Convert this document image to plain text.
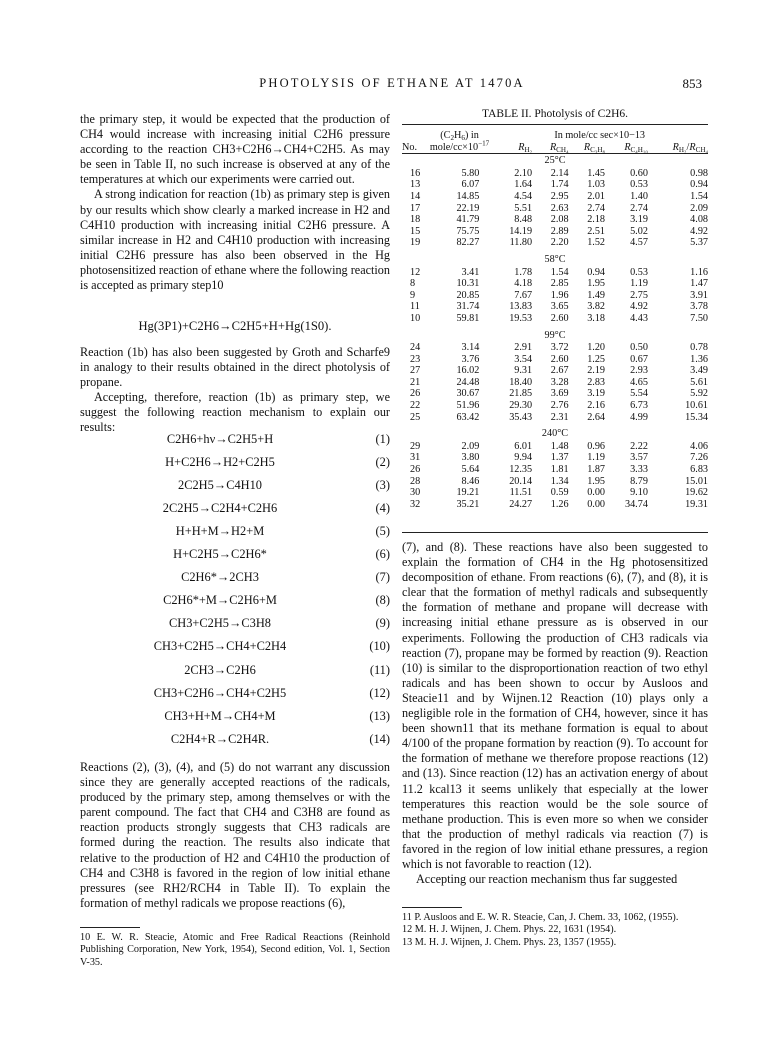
PHOTOLYSIS OF ETHANE AT 1470A	853

the primary step, it would be expected that the production of CH4 would increase with increasing initial C2H6 pressure according to the reaction CH3+C2H6→CH4+C2H5. As may be seen in Table II, no such increase is observed at any of the temperatures at which our experiments were carried out.

A strong indication for reaction (1b) as primary step is given by our results which show clearly a marked increase in H2 and C4H10 production with increasing initial C2H6 pressure. A similar increase in H2 and C4H10 production with increasing initial C2H6 pressure has also been observed in the Hg photosensitized reaction of ethane where the following reaction is accepted as primary step10

Hg(3P1)+C2H6→C2H5+H+Hg(1S0).

Reaction (1b) has also been suggested by Groth and Scharfe9 in analogy to their results obtained in the direct photolysis of propane.

Accepting, therefore, reaction (1b) as primary step, we suggest the following reaction mechanism to explain our results:

C2H6+hν→C2H5+H	(1)
H+C2H6→H2+C2H5	(2)
2C2H5→C4H10	(3)
2C2H5→C2H4+C2H6	(4)
H+H+M→H2+M	(5)
H+C2H5→C2H6*	(6)
C2H6*→2CH3	(7)
C2H6*+M→C2H6+M	(8)
CH3+C2H5→C3H8	(9)
CH3+C2H5→CH4+C2H4	(10)
2CH3→C2H6	(11)
CH3+C2H6→CH4+C2H5	(12)
CH3+H+M→CH4+M	(13)
C2H4+R→C2H4R.	(14)

Reactions (2), (3), (4), and (5) do not warrant any discussion since they are generally accepted reactions of the radicals, produced by the primary step, among themselves or with the parent compound. The fact that CH4 and C3H8 are found as reaction products strongly suggests that CH3 radicals are formed during the reaction. The results also indicate that relative to the production of H2 and C4H10 the production of CH4 and C3H8 is favored in the region of low initial ethane pressures (see RH2/RCH4 in Table II). To explain the formation of methyl radicals we propose reactions (6),

10 E. W. R. Steacie, Atomic and Free Radical Reactions (Reinhold Publishing Corporation, New York, 1954), Second edition, Vol. 1, Section V-35.
TABLE II. Photolysis of C2H6.
	$(C_2H_6)$ in	In mole/cc sec×10−13				
No.	mole/$cc\times 10^{-17}$	$R_{H_2}$	$R_{CH_4}$	$R_{C_3H_8}$	$R_{C_4H_{10}}$	$R_{H_2}/R_{CH_4}$

25°C						
16	5.80	2.10	2.14	1.45	0.60	0.98
13	6.07	1.64	1.74	1.03	0.53	0.94
14	14.85	4.54	2.95	2.01	1.40	1.54
17	22.19	5.51	2.63	2.74	2.74	2.09
18	41.79	8.48	2.08	2.18	3.19	4.08
15	75.75	14.19	2.89	2.51	5.02	4.92
19	82.27	11.80	2.20	1.52	4.57	5.37
58°C						
12	3.41	1.78	1.54	0.94	0.53	1.16
8	10.31	4.18	2.85	1.95	1.19	1.47
9	20.85	7.67	1.96	1.49	2.75	3.91
11	31.74	13.83	3.65	3.82	4.92	3.78
10	59.81	19.53	2.60	3.18	4.43	7.50
99°C						
24	3.14	2.91	3.72	1.20	0.50	0.78
23	3.76	3.54	2.60	1.25	0.67	1.36
27	16.02	9.31	2.67	2.19	2.93	3.49
21	24.48	18.40	3.28	2.83	4.65	5.61
26	30.67	21.85	3.69	3.19	5.54	5.92
22	51.96	29.30	2.76	2.16	6.73	10.61
25	63.42	35.43	2.31	2.64	4.99	15.34
240°C						
29	2.09	6.01	1.48	0.96	2.22	4.06
31	3.80	9.94	1.37	1.19	3.57	7.26
26	5.64	12.35	1.81	1.87	3.33	6.83
28	8.46	20.14	1.34	1.95	8.79	15.01
30	19.21	11.51	0.59	0.00	9.10	19.62
32	35.21	24.27	1.26	0.00	34.74	19.31

(7), and (8). These reactions have also been suggested to explain the formation of CH4 in the Hg photosensitized decomposition of ethane. From reactions (6), (7), and (8), it is clear that the formation of methyl radicals and subsequently the formation of methane and propane will decrease with increasing initial ethane pressure as is observed in our experiments. Following the production of CH3 radicals via reaction (7), propane may be formed by reaction (9). Reaction (10) is similar to the disproportionation reaction of two ethyl radicals and has been shown to occur by Ausloos and Steacie11 and by Wijnen.12 Reaction (10) plays only a negligible role in the formation of CH4, however, since it has been shown11 that its methane formation is equal to about 4/100 of the propane formation by reaction (9). To account for the formation of methane we therefore propose reactions (12) and (13). Since reaction (12) has an activation energy of about 11.2 kcal13 it seems unlikely that especially at the lower temperatures this reaction would be the sole source of methane production. This is even more so when we consider that the production of methyl radicals via reaction (7) is favored in the region of low initial ethane pressures, a region which is not favorable to reaction (12).

Accepting our reaction mechanism thus far suggested

11 P. Ausloos and E. W. R. Steacie, Can, J. Chem. 33, 1062, (1955).
12 M. H. J. Wijnen, J. Chem. Phys. 22, 1631 (1954).
13 M. H. J. Wijnen, J. Chem. Phys. 23, 1357 (1955).
